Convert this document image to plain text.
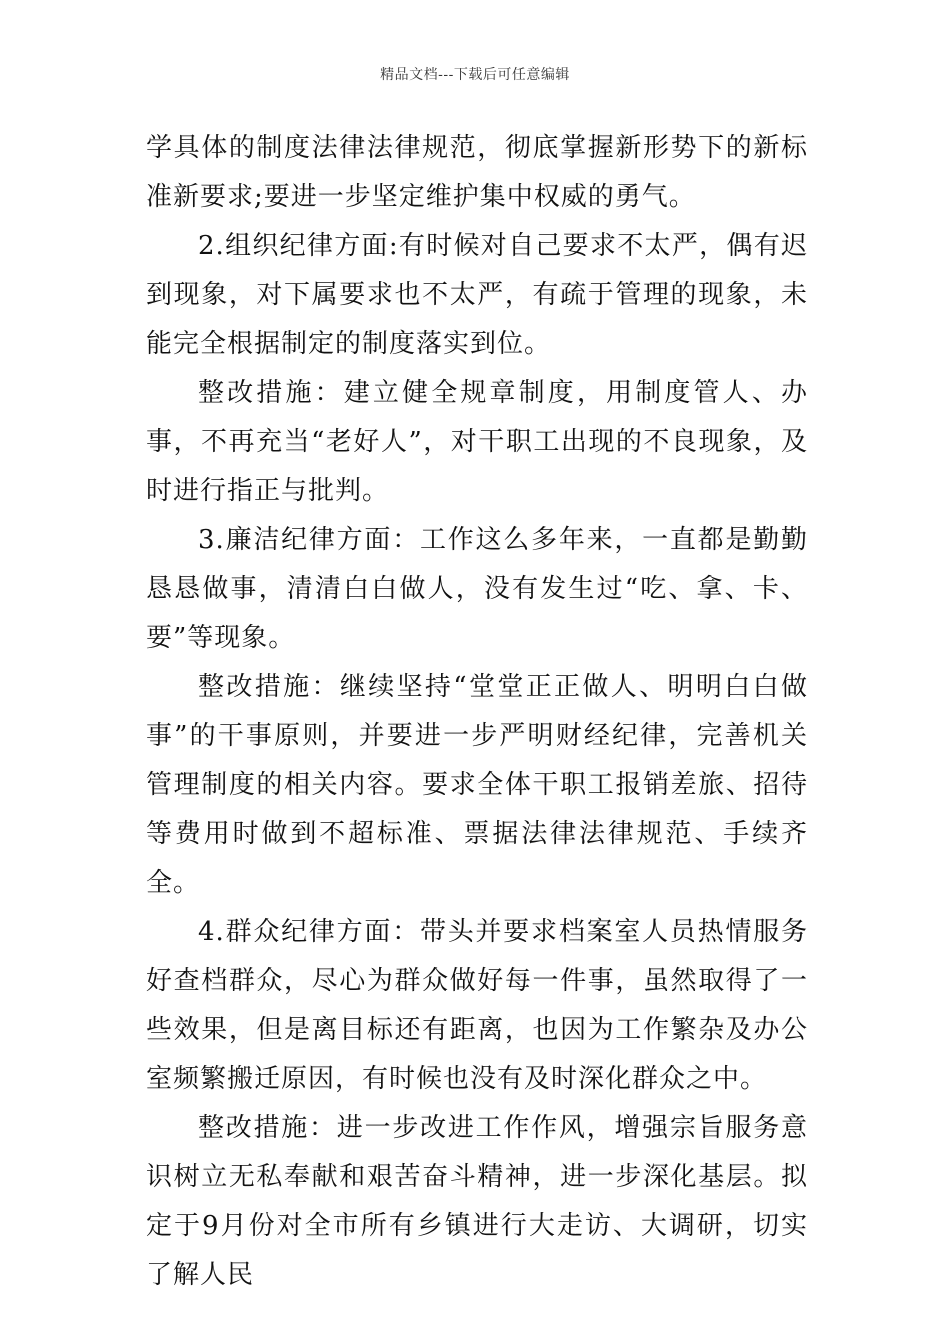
精品文档---下载后可任意编辑

学具体的制度法律法律规范，彻底掌握新形势下的新标准新要求;要进一步坚定维护集中权威的勇气。

2.组织纪律方面:有时候对自己要求不太严，偶有迟到现象，对下属要求也不太严，有疏于管理的现象，未能完全根据制定的制度落实到位。

整改措施：建立健全规章制度，用制度管人、办事，不再充当“老好人”，对干职工出现的不良现象，及时进行指正与批判。

3.廉洁纪律方面：工作这么多年来，一直都是勤勤恳恳做事，清清白白做人，没有发生过“吃、拿、卡、要”等现象。

整改措施：继续坚持“堂堂正正做人、明明白白做事”的干事原则，并要进一步严明财经纪律，完善机关管理制度的相关内容。要求全体干职工报销差旅、招待等费用时做到不超标准、票据法律法律规范、手续齐全。

4.群众纪律方面：带头并要求档案室人员热情服务好查档群众，尽心为群众做好每一件事，虽然取得了一些效果，但是离目标还有距离，也因为工作繁杂及办公室频繁搬迁原因，有时候也没有及时深化群众之中。

整改措施：进一步改进工作作风，增强宗旨服务意识树立无私奉献和艰苦奋斗精神，进一步深化基层。拟定于9月份对全市所有乡镇进行大走访、大调研，切实了解人民
